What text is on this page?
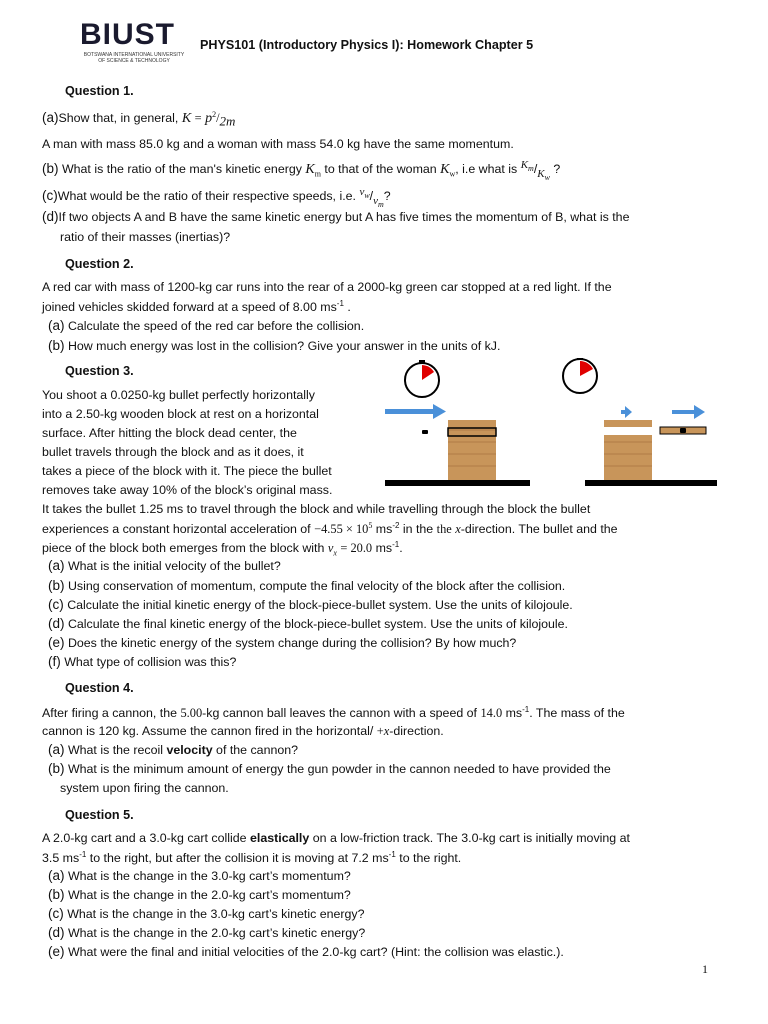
BIUST
BOTSWANA INTERNATIONAL UNIVERSITY
OF SCIENCE & TECHNOLOGY
PHYS101 (Introductory Physics I): Homework Chapter 5
Question 1.
(a)Show that, in general, $K = p^2/_{2m}$
A man with mass 85.0 kg and a woman with mass 54.0 kg have the same momentum.
(b) What is the ratio of the man's kinetic energy $K_m$ to that of the woman $K_w$, i.e what is $^{K_m}/_{K_w}$ ?
(c)What would be the ratio of their respective speeds, i.e. $^{v_w}/_{v_m}$?
(d)If two objects A and B have the same kinetic energy but A has five times the momentum of B, what is the
ratio of their masses (inertias)?
Question 2.
A red car with mass of 1200-kg car runs into the rear of a 2000-kg green car stopped at a red light. If the
joined vehicles skidded forward at a speed of 8.00 $ms^{-1}$ .
(a) Calculate the speed of the red car before the collision.
(b) How much energy was lost in the collision? Give your answer in the units of kJ.
Question 3.
You shoot a 0.0250-kg bullet perfectly horizontally
into a 2.50-kg wooden block at rest on a horizontal
surface. After hitting the block dead center, the
bullet travels through the block and as it does, it
takes a piece of the block with it. The piece the bullet
removes take away 10% of the block’s original mass.
It takes the bullet 1.25 ms to travel through the block and while travelling through the block the bullet
experiences a constant horizontal acceleration of $-4.55 \times 10^5$ $ms^{-2}$ in the the x-direction. The bullet and the
piece of the block both emerges from the block with $v_x = 20.0$ $ms^{-1}$.
(a) What is the initial velocity of the bullet?
(b) Using conservation of momentum, compute the final velocity of the block after the collision.
(c) Calculate the initial kinetic energy of the block-piece-bullet system. Use the units of kilojoule.
(d) Calculate the final kinetic energy of the block-piece-bullet system. Use the units of kilojoule.
(e) Does the kinetic energy of the system change during the collision? By how much?
(f) What type of collision was this?
Question 4.
After firing a cannon, the 5.00-kg cannon ball leaves the cannon with a speed of 14.0 $ms^{-1}$. The mass of the
cannon is 120 kg. Assume the cannon fired in the horizontal/ +x-direction.
(a) What is the recoil velocity of the cannon?
(b) What is the minimum amount of energy the gun powder in the cannon needed to have provided the
system upon firing the cannon.
Question 5.
A 2.0-kg cart and a 3.0-kg cart collide elastically on a low-friction track. The 3.0-kg cart is initially moving at
3.5 $ms^{-1}$ to the right, but after the collision it is moving at 7.2 $ms^{-1}$ to the right.
(a) What is the change in the 3.0-kg cart’s momentum?
(b) What is the change in the 2.0-kg cart’s momentum?
(c) What is the change in the 3.0-kg cart’s kinetic energy?
(d) What is the change in the 2.0-kg cart’s kinetic energy?
(e) What were the final and initial velocities of the 2.0-kg cart? (Hint: the collision was elastic.).
1
